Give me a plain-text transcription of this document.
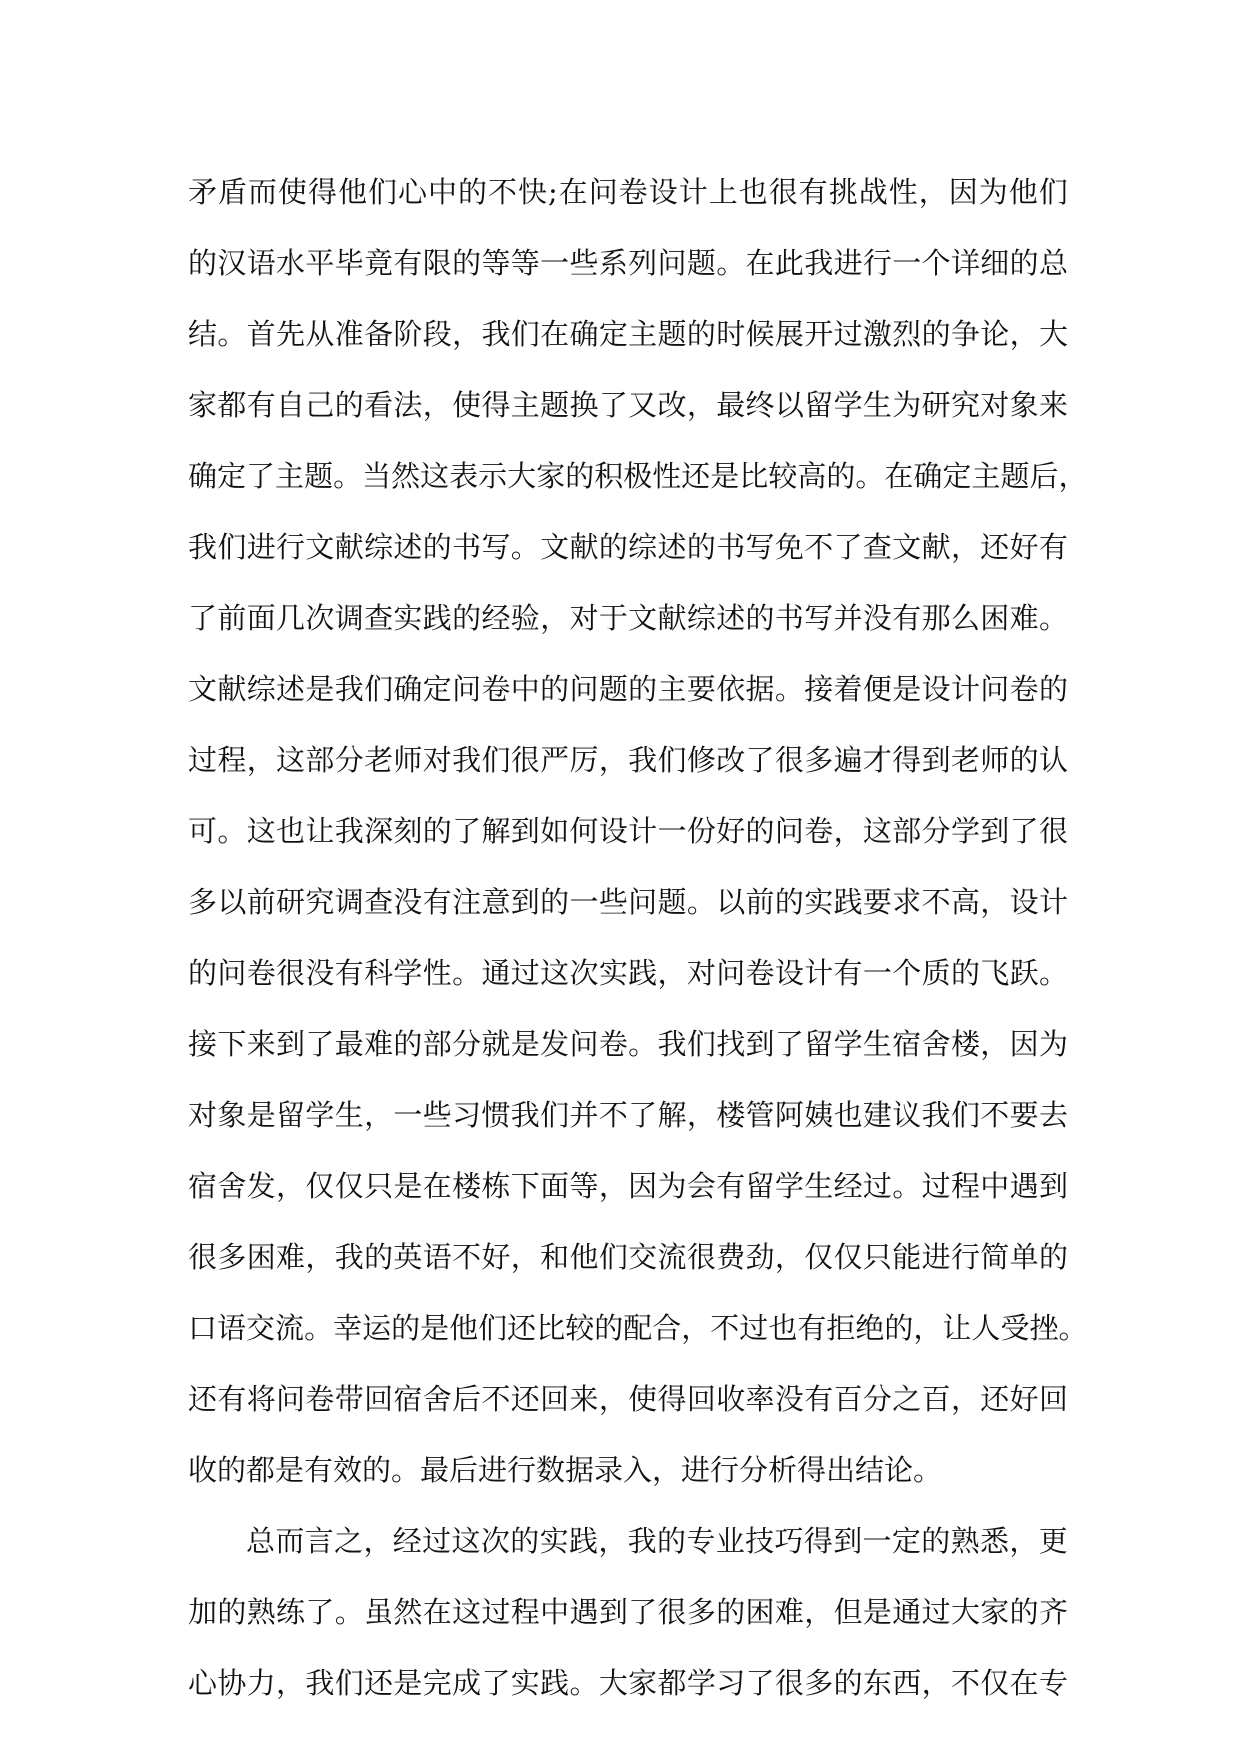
矛 盾 而 使 得 他 们 心 中 的 不 快 ; 在 问 卷 设 计 上 也 很 有 挑 战 性 ， 因 为 他 们
的 汉 语 水 平 毕 竟 有 限 的 等 等 一 些 系 列 问 题 。 在 此 我 进 行 一 个 详 细 的 总
结 。 首 先 从 准 备 阶 段 ， 我 们 在 确 定 主 题 的 时 候 展 开 过 激 烈 的 争 论 ， 大
家 都 有 自 己 的 看 法 ， 使 得 主 题 换 了 又 改 ， 最 终 以 留 学 生 为 研 究 对 象 来
确 定 了 主 题 。 当 然 这 表 示 大 家 的 积 极 性 还 是 比 较 高 的 。 在 确 定 主 题 后 ，
我 们 进 行 文 献 综 述 的 书 写 。 文 献 的 综 述 的 书 写 免 不 了 查 文 献 ， 还 好 有
了 前 面 几 次 调 查 实 践 的 经 验 ， 对 于 文 献 综 述 的 书 写 并 没 有 那 么 困 难 。
文 献 综 述 是 我 们 确 定 问 卷 中 的 问 题 的 主 要 依 据 。 接 着 便 是 设 计 问 卷 的
过 程 ， 这 部 分 老 师 对 我 们 很 严 厉 ， 我 们 修 改 了 很 多 遍 才 得 到 老 师 的 认
可 。 这 也 让 我 深 刻 的 了 解 到 如 何 设 计 一 份 好 的 问 卷 ， 这 部 分 学 到 了 很
多 以 前 研 究 调 查 没 有 注 意 到 的 一 些 问 题 。 以 前 的 实 践 要 求 不 高 ， 设 计
的 问 卷 很 没 有 科 学 性 。 通 过 这 次 实 践 ， 对 问 卷 设 计 有 一 个 质 的 飞 跃 。
接 下 来 到 了 最 难 的 部 分 就 是 发 问 卷 。 我 们 找 到 了 留 学 生 宿 舍 楼 ， 因 为
对 象 是 留 学 生 ， 一 些 习 惯 我 们 并 不 了 解 ， 楼 管 阿 姨 也 建 议 我 们 不 要 去
宿 舍 发 ， 仅 仅 只 是 在 楼 栋 下 面 等 ， 因 为 会 有 留 学 生 经 过 。 过 程 中 遇 到
很 多 困 难 ， 我 的 英 语 不 好 ， 和 他 们 交 流 很 费 劲 ， 仅 仅 只 能 进 行 简 单 的
口 语 交 流 。 幸 运 的 是 他 们 还 比 较 的 配 合 ， 不 过 也 有 拒 绝 的 ， 让 人 受 挫 。
还 有 将 问 卷 带 回 宿 舍 后 不 还 回 来 ， 使 得 回 收 率 没 有 百 分 之 百 ， 还 好 回
收的都是有效的。最后进行数据录入，进行分析得出结论。
总 而 言 之 ， 经 过 这 次 的 实 践 ， 我 的 专 业 技 巧 得 到 一 定 的 熟 悉 ， 更
加 的 熟 练 了 。 虽 然 在 这 过 程 中 遇 到 了 很 多 的 困 难 ， 但 是 通 过 大 家 的 齐
心 协 力 ， 我 们 还 是 完 成 了 实 践 。 大 家 都 学 习 了 很 多 的 东 西 ， 不 仅 在 专
